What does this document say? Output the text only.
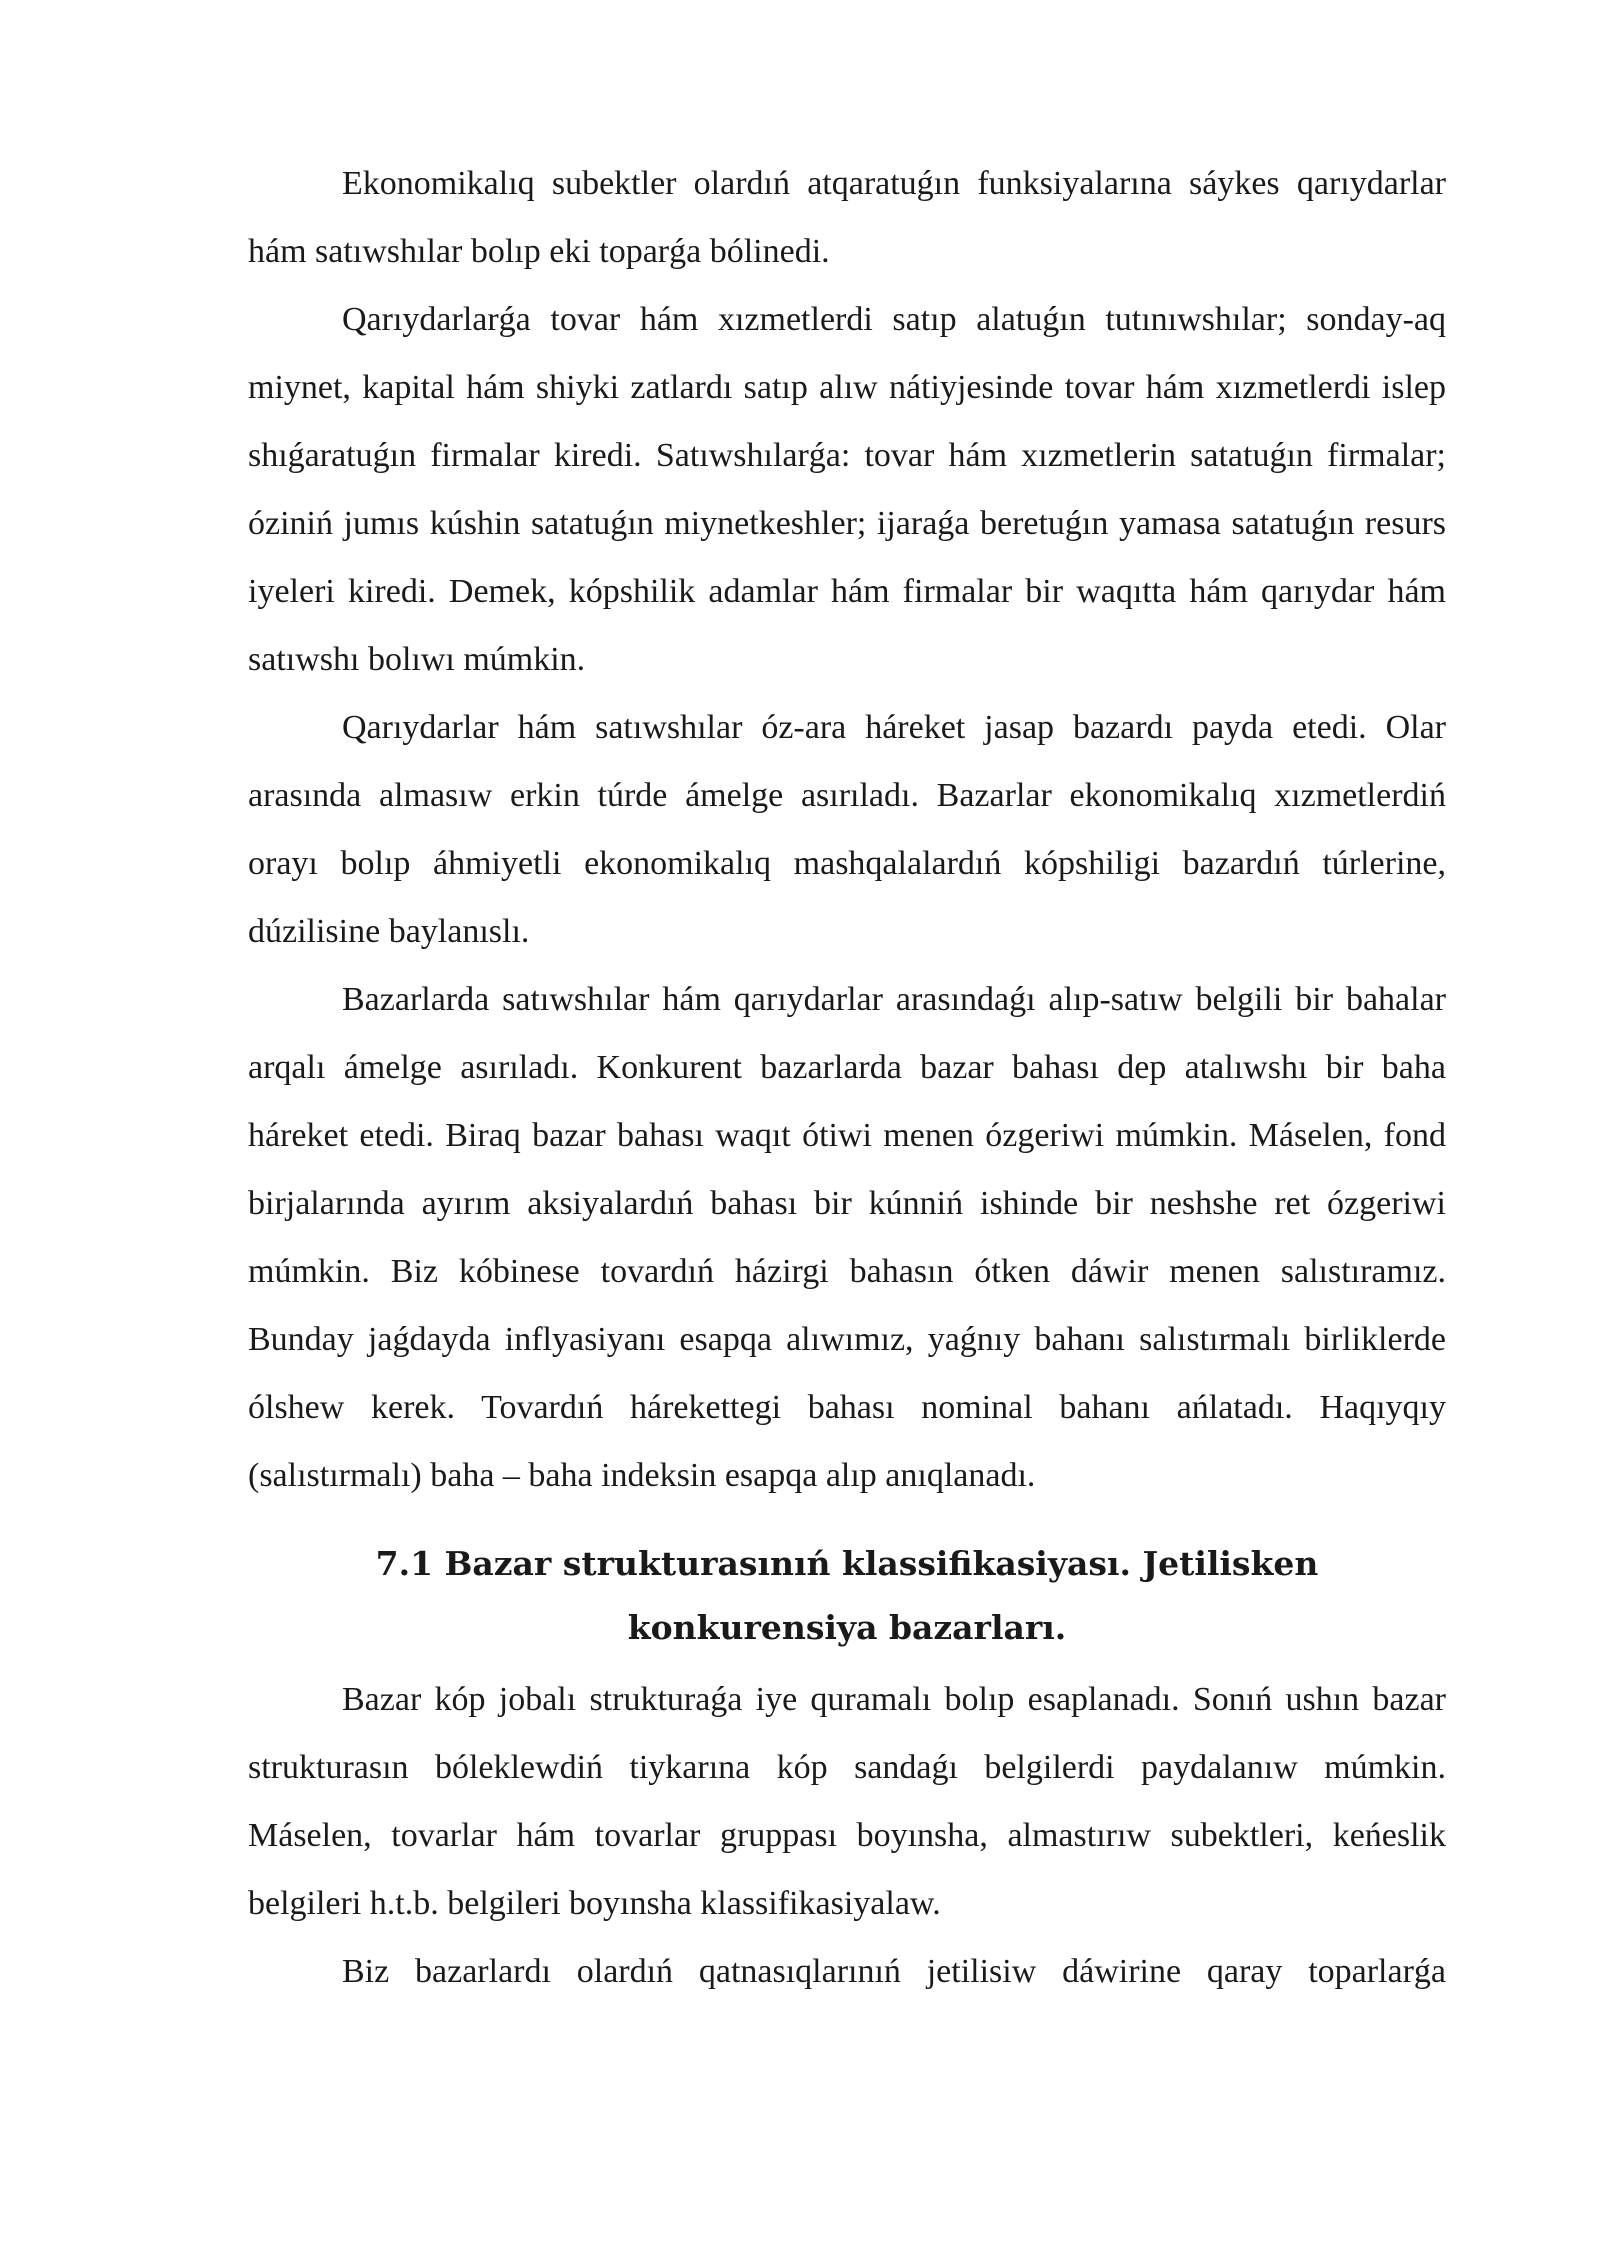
Ekonomikalıq subektler olardıń atqaratuǵın funksiyalarına sáykes qarıydarlar hám satıwshılar bolıp eki toparǵa bólinedi.

Qarıydarlarǵa tovar hám xızmetlerdi satıp alatuǵın tutınıwshılar; sonday-aq miynet, kapital hám shiyki zatlardı satıp alıw nátiyjesinde tovar hám xızmetlerdi islep shıǵaratuǵın firmalar kiredi. Satıwshılarǵa: tovar hám xızmetlerin satatuǵın firmalar; óziniń jumıs kúshin satatuǵın miynetkeshler; ijaraǵa beretuǵın yamasa satatuǵın resurs iyeleri kiredi. Demek, kópshilik adamlar hám firmalar bir waqıtta hám qarıydar hám satıwshı bolıwı múmkin.

Qarıydarlar hám satıwshılar óz-ara háreket jasap bazardı payda etedi. Olar arasında almasıw erkin túrde ámelge asırıladı. Bazarlar ekonomikalıq xızmetlerdiń orayı bolıp áhmiyetli ekonomikalıq mashqalalardıń kópshiligi bazardıń túrlerine, dúzilisine baylanıslı.

Bazarlarda satıwshılar hám qarıydarlar arasındaǵı alıp-satıw belgili bir bahalar arqalı ámelge asırıladı. Konkurent bazarlarda bazar bahası dep atalıwshı bir baha háreket etedi. Biraq bazar bahası waqıt ótiwi menen ózgeriwi múmkin. Máselen, fond birjalarında ayırım aksiyalardıń bahası bir kúnniń ishinde bir neshshe ret ózgeriwi múmkin. Biz kóbinese tovardıń házirgi bahasın ótken dáwir menen salıstıramız. Bunday jaǵdayda inflyasiyanı esapqa alıwımız, yaǵnıy bahanı salıstırmalı birliklerde ólshew kerek. Tovardıń hárekettegi bahası nominal bahanı ańlatadı. Haqıyqıy (salıstırmalı) baha – baha indeksin esapqa alıp anıqlanadı.

7.1 Bazar strukturasınıń klassifikasiyası. Jetilisken konkurensiya bazarları.

Bazar kóp jobalı strukturaǵa iye quramalı bolıp esaplanadı. Sonıń ushın bazar strukturasın bóleklewdiń tiykarına kóp sandaǵı belgilerdi paydalanıw múmkin. Máselen, tovarlar hám tovarlar gruppası boyınsha, almastırıw subektleri, keńeslik belgileri h.t.b. belgileri boyınsha klassifikasiyalaw.

Biz bazarlardı olardıń qatnasıqlarınıń jetilisiw dáwirine qaray toparlarǵa
